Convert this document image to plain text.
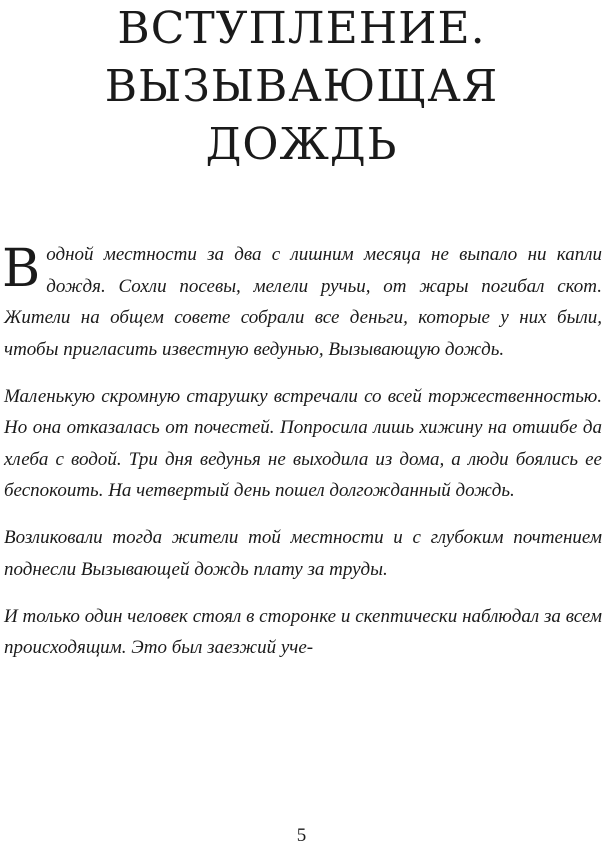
ВСТУПЛЕНИЕ.
ВЫЗЫВАЮЩАЯ
ДОЖДЬ

В одной местности за два с лишним месяца не выпало ни капли дождя. Сохли посевы, мелели ручьи, от жары погибал скот. Жители на общем совете собрали все деньги, которые у них были, чтобы пригласить известную ведунью, Вызывающую дождь.

Маленькую скромную старушку встречали со всей торжественностью. Но она отказалась от почестей. Попросила лишь хижину на отшибе да хлеба с водой. Три дня ведунья не выходила из дома, а люди боялись ее беспокоить. На четвертый день пошел долгожданный дождь.

Возликовали тогда жители той местности и с глубоким почтением поднесли Вызывающей дождь плату за труды.

И только один человек стоял в сторонке и скептически наблюдал за всем происходящим. Это был заезжий уче-

5
